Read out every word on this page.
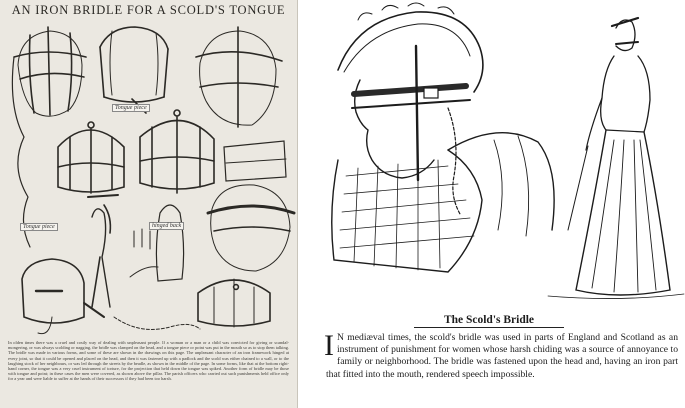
AN IRON BRIDLE FOR A SCOLD'S TONGUE
Tongue piece
hinged back
Tongue piece
In olden times there was a cruel and costly way of dealing with unpleasant people. If a woman or a man or a child was convicted for giving or scandal-mongering, or was always scolding or nagging, the bridle was clamped on the head, and a tongue piece or point was put in the mouth so as to stop them talking. The bridle was made in various forms, and some of these are shown in the drawings on this page. The unpleasant character of an iron framework hinged at every joint, so that it could be opened and placed on the head, and then it was fastened up with a padlock and the scold was either chained to a wall, or to the laughing stock of her neighbours, or was led through the streets by the beadle, as shown in the middle of the page. In some forms, like that at the bottom right-hand corner, the tongue was a very cruel instrument of torture, for the projection that held down the tongue was spiked. Another form of bridle may be those with tongue and point; in these cases the men were covered, as shown above the pillar. The parish officers who carried out such punishments held office only for a year and were liable to suffer at the hands of their successors if they had been too harsh.
The Scold's Bridle
I N mediæval times, the scold's bridle was used in parts of England and Scotland as an instrument of punishment for women whose harsh chiding was a source of annoyance to family or neighborhood. The bridle was fastened upon the head and, having an iron part that fitted into the mouth, rendered speech impossible.
